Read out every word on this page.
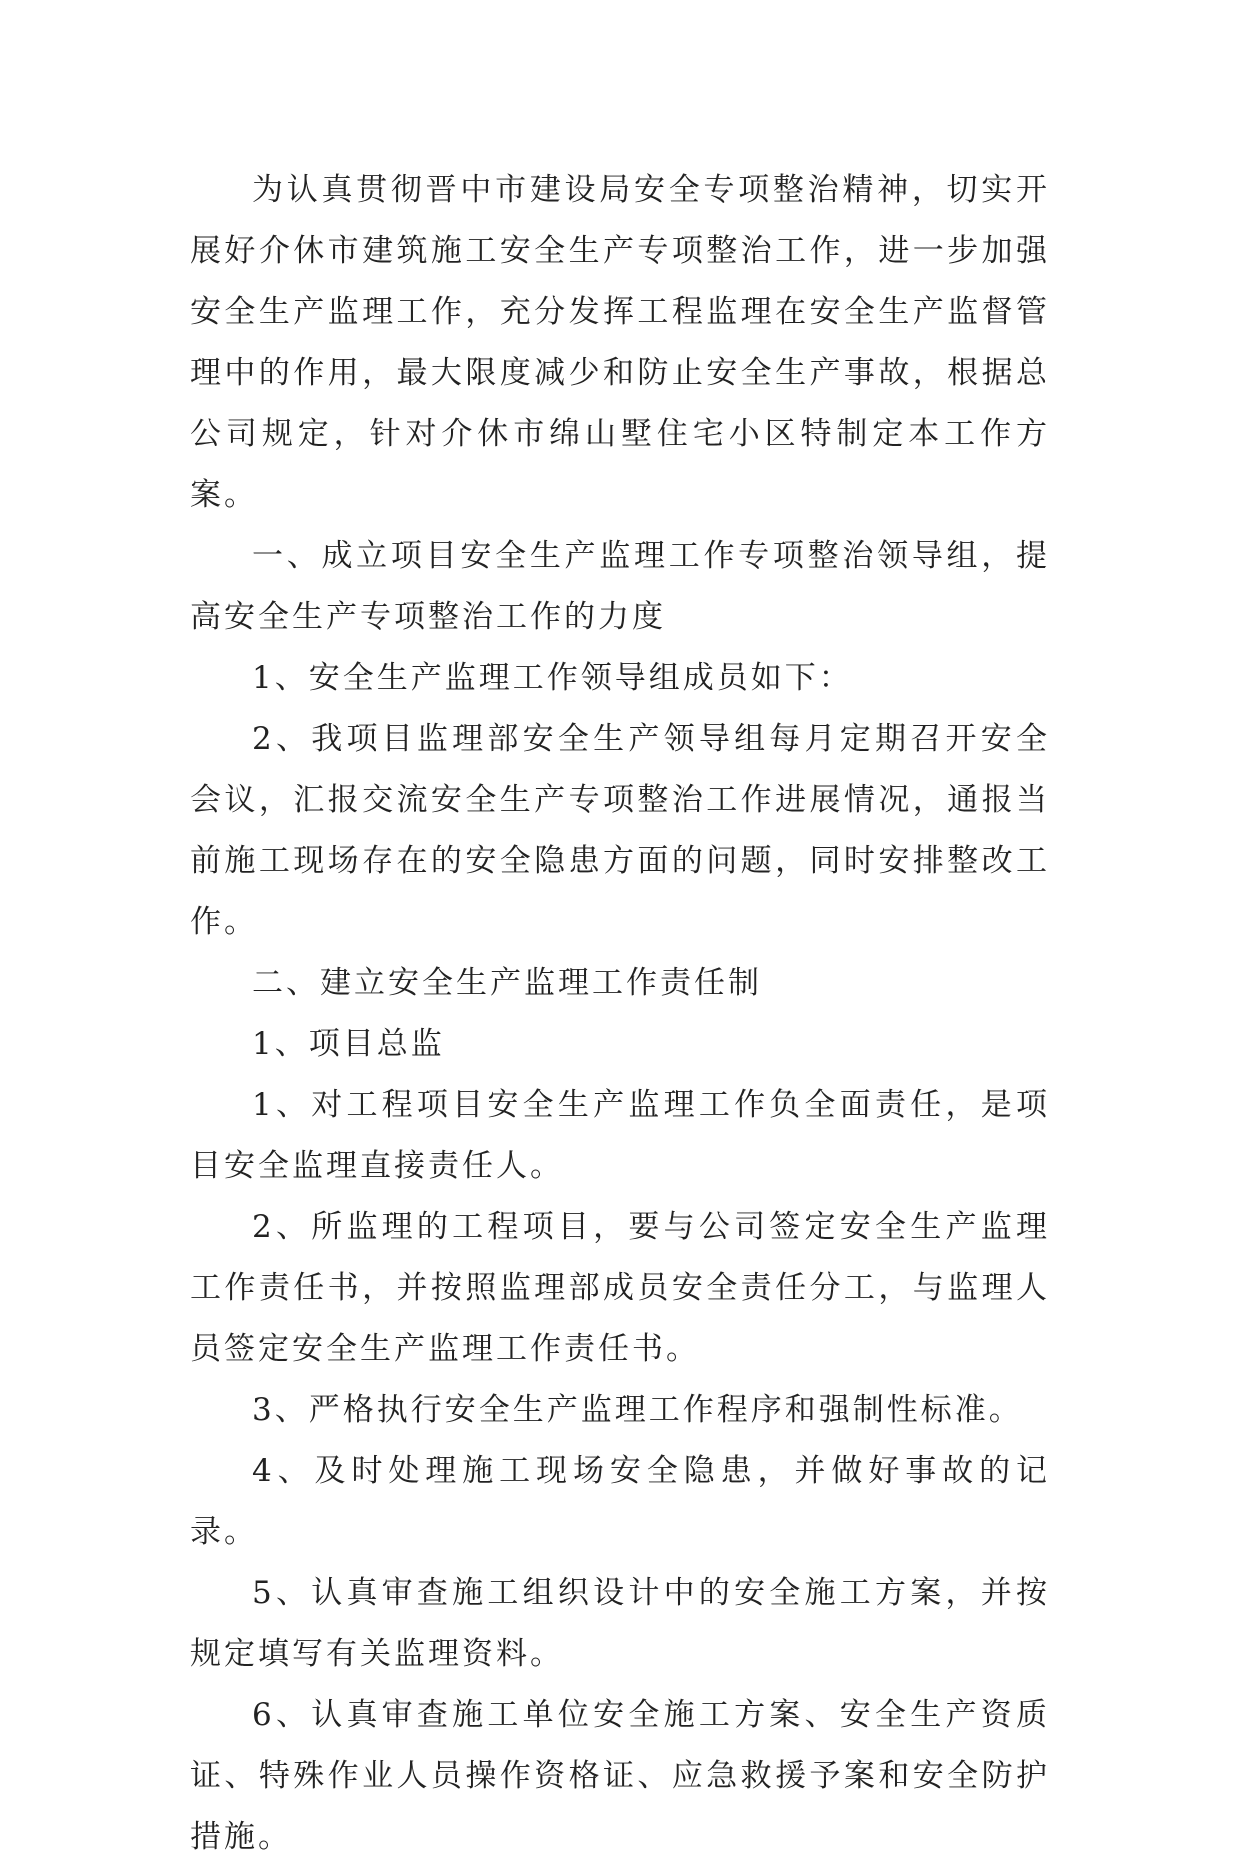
为认真贯彻晋中市建设局安全专项整治精神，切实开展好介休市建筑施工安全生产专项整治工作，进一步加强安全生产监理工作，充分发挥工程监理在安全生产监督管理中的作用，最大限度减少和防止安全生产事故，根据总公司规定，针对介休市绵山墅住宅小区特制定本工作方案。

一、成立项目安全生产监理工作专项整治领导组，提高安全生产专项整治工作的力度

1、安全生产监理工作领导组成员如下：

2、我项目监理部安全生产领导组每月定期召开安全会议，汇报交流安全生产专项整治工作进展情况，通报当前施工现场存在的安全隐患方面的问题，同时安排整改工作。

二、建立安全生产监理工作责任制

1、项目总监

1、对工程项目安全生产监理工作负全面责任，是项目安全监理直接责任人。

2、所监理的工程项目，要与公司签定安全生产监理工作责任书，并按照监理部成员安全责任分工，与监理人员签定安全生产监理工作责任书。

3、严格执行安全生产监理工作程序和强制性标准。

4、及时处理施工现场安全隐患，并做好事故的记录。

5、认真审查施工组织设计中的安全施工方案，并按规定填写有关监理资料。

6、认真审查施工单位安全施工方案、安全生产资质证、特殊作业人员操作资格证、应急救援予案和安全防护措施。
